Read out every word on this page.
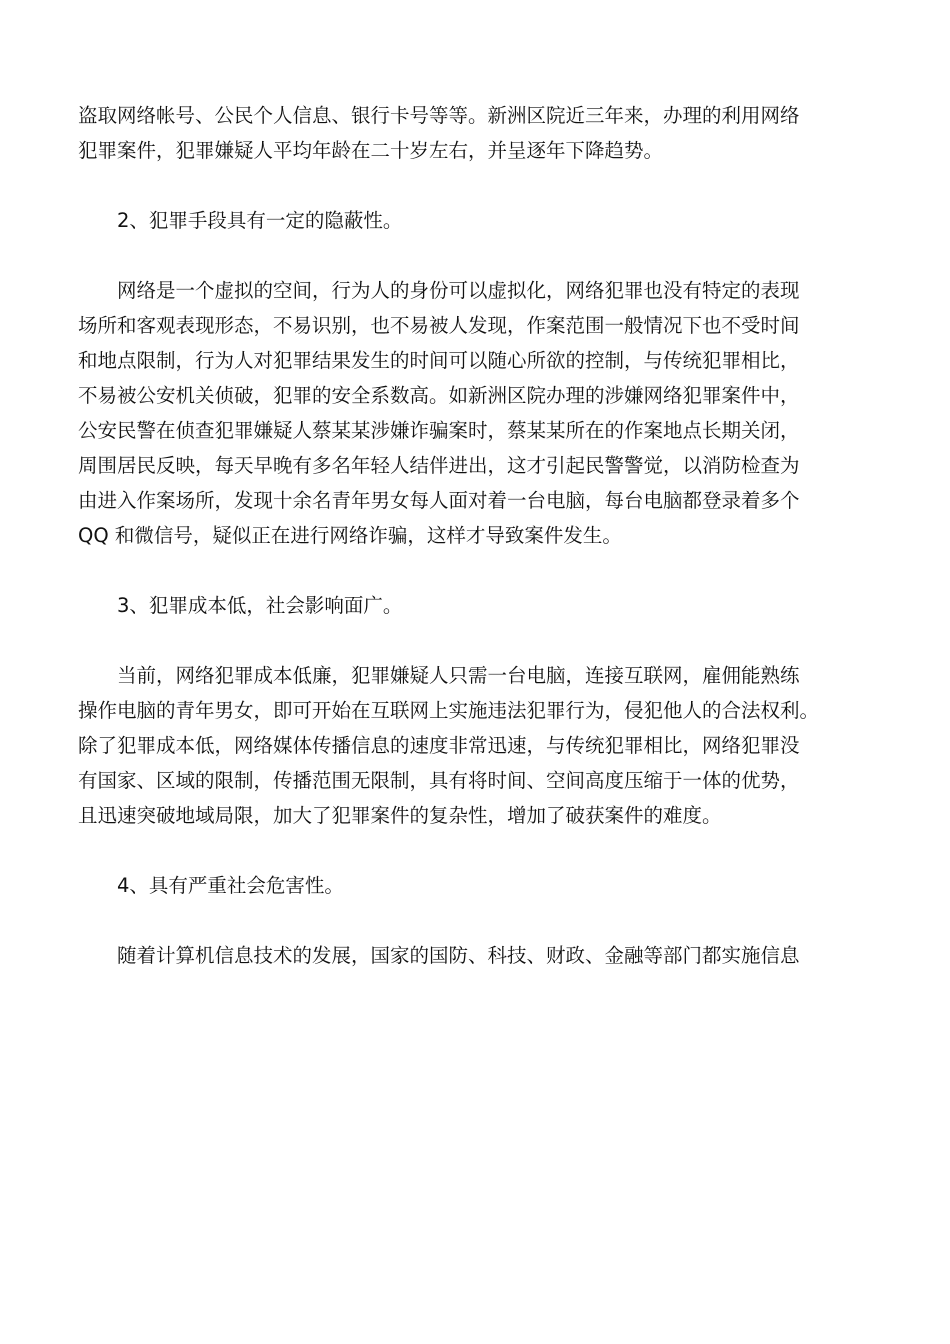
盗取网络帐号、公民个人信息、银行卡号等等。新洲区院近三年来，办理的利用网络
犯罪案件，犯罪嫌疑人平均年龄在二十岁左右，并呈逐年下降趋势。
2、犯罪手段具有一定的隐蔽性。
网络是一个虚拟的空间，行为人的身份可以虚拟化，网络犯罪也没有特定的表现
场所和客观表现形态，不易识别，也不易被人发现，作案范围一般情况下也不受时间
和地点限制，行为人对犯罪结果发生的时间可以随心所欲的控制，与传统犯罪相比，
不易被公安机关侦破，犯罪的安全系数高。如新洲区院办理的涉嫌网络犯罪案件中，
公安民警在侦查犯罪嫌疑人蔡某某涉嫌诈骗案时，蔡某某所在的作案地点长期关闭，
周围居民反映，每天早晚有多名年轻人结伴进出，这才引起民警警觉，以消防检查为
由进入作案场所，发现十余名青年男女每人面对着一台电脑，每台电脑都登录着多个
QQ 和微信号，疑似正在进行网络诈骗，这样才导致案件发生。
3、犯罪成本低，社会影响面广。
当前，网络犯罪成本低廉，犯罪嫌疑人只需一台电脑，连接互联网，雇佣能熟练
操作电脑的青年男女，即可开始在互联网上实施违法犯罪行为，侵犯他人的合法权利。
除了犯罪成本低，网络媒体传播信息的速度非常迅速，与传统犯罪相比，网络犯罪没
有国家、区域的限制，传播范围无限制，具有将时间、空间高度压缩于一体的优势，
且迅速突破地域局限，加大了犯罪案件的复杂性，增加了破获案件的难度。
4、具有严重社会危害性。
随着计算机信息技术的发展，国家的国防、科技、财政、金融等部门都实施信息
